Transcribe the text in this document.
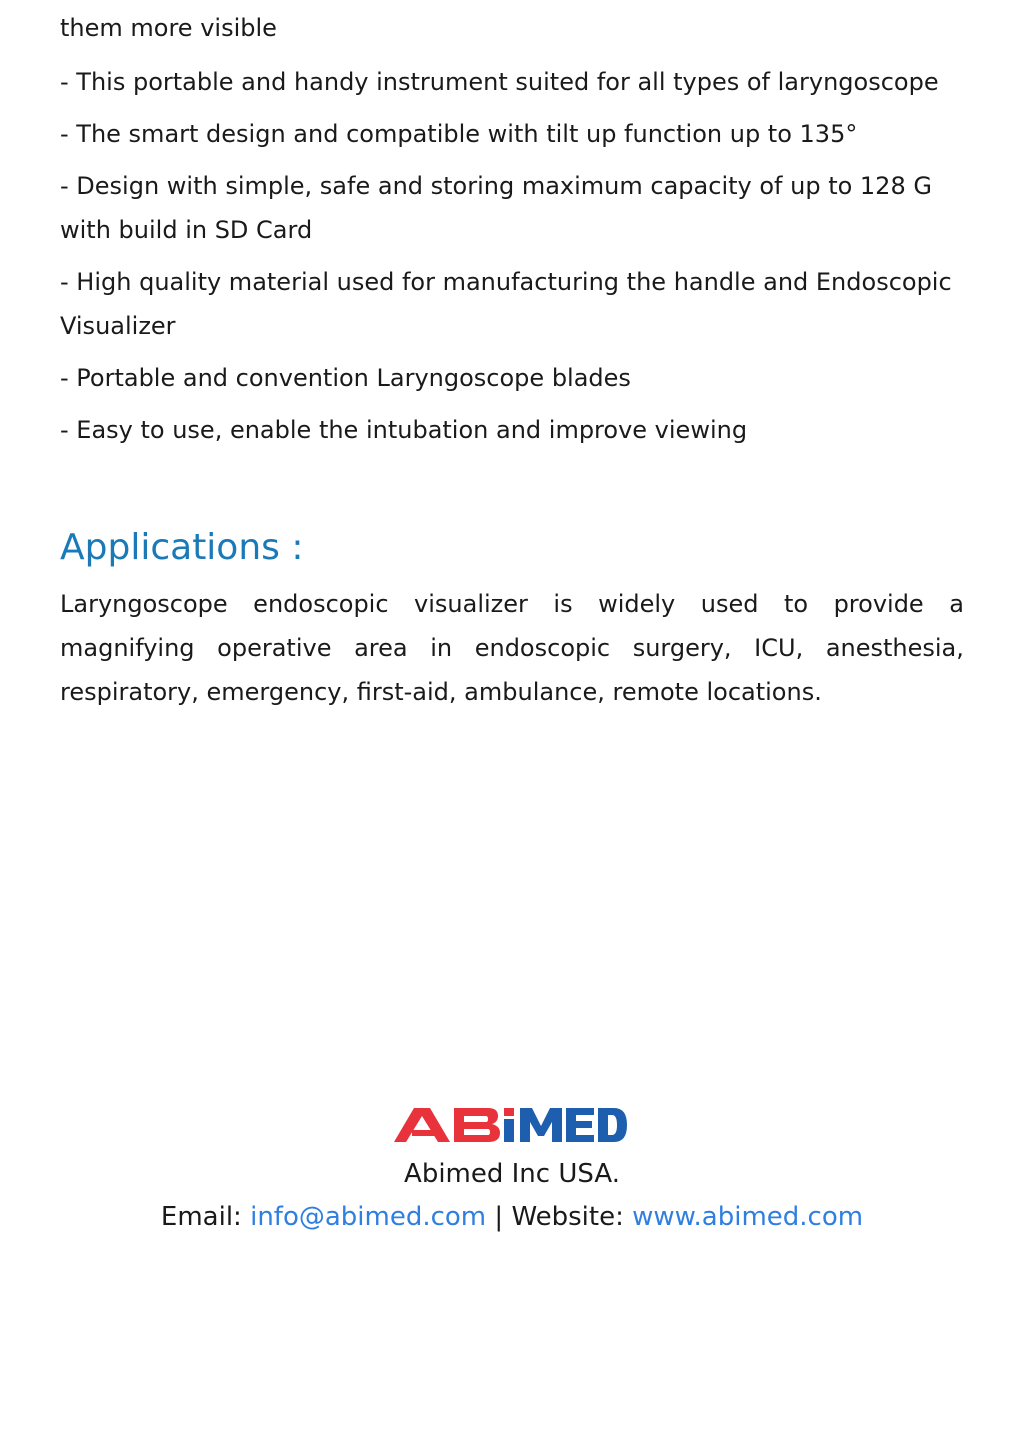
them more visible

- This portable and handy instrument suited for all types of laryngoscope

- The smart design and compatible with tilt up function up to 135°

- Design with simple, safe and storing maximum capacity of up to 128 G
with build in SD Card

- High quality material used for manufacturing the handle and Endoscopic
Visualizer

- Portable and convention Laryngoscope blades

- Easy to use, enable the intubation and improve viewing

Applications :
Laryngoscope endoscopic visualizer is widely used to provide a
magnifying operative area in endoscopic surgery, ICU, anesthesia,
respiratory, emergency, first-aid, ambulance, remote locations.

Abimed Inc USA.

Email: info@abimed.com | Website: www.abimed.com
